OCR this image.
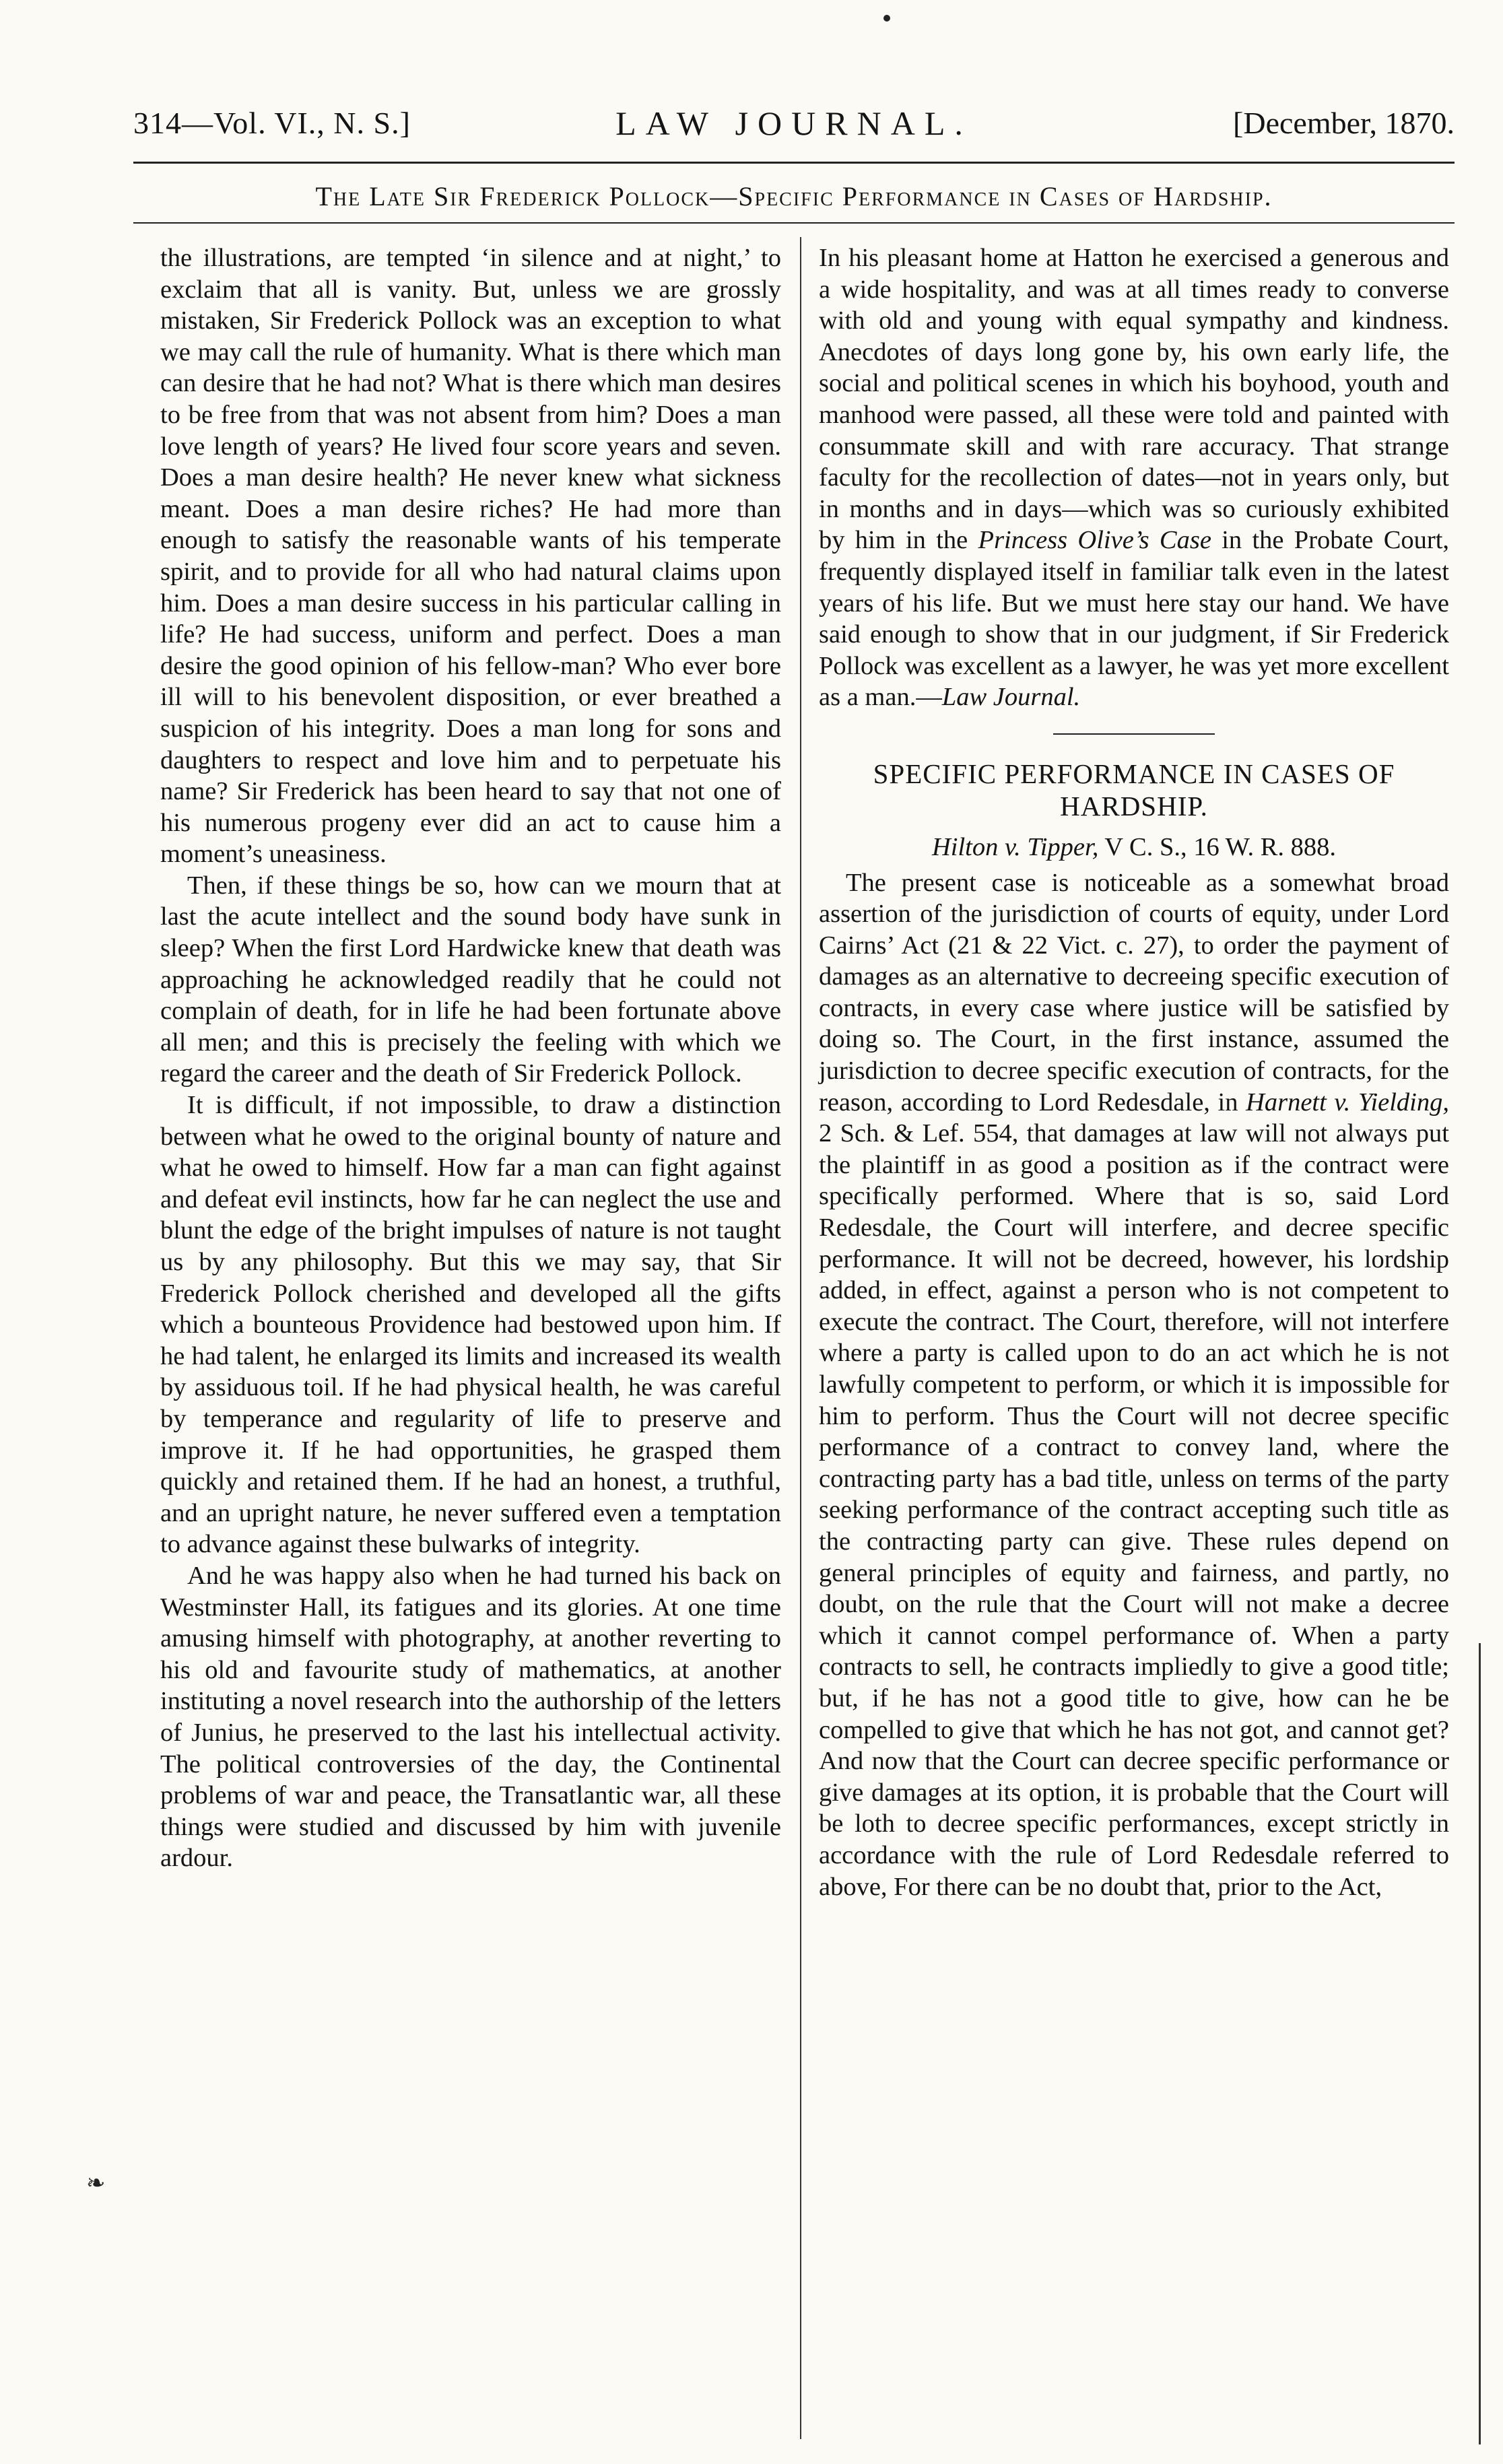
314—Vol. VI., N. S.]	LAW JOURNAL.	[December, 1870.
The Late Sir Frederick Pollock—Specific Performance in Cases of Hardship.
❧

the illustrations, are tempted ‘in silence and at night,’ to exclaim that all is vanity. But, unless we are grossly mistaken, Sir Frederick Pollock was an exception to what we may call the rule of humanity. What is there which man can desire that he had not? What is there which man desires to be free from that was not absent from him? Does a man love length of years? He lived four score years and seven. Does a man desire health? He never knew what sickness meant. Does a man desire riches? He had more than enough to satisfy the reasonable wants of his temperate spirit, and to provide for all who had natural claims upon him. Does a man desire success in his particular calling in life? He had success, uniform and perfect. Does a man desire the good opinion of his fellow-man? Who ever bore ill will to his benevolent disposition, or ever breathed a suspicion of his integrity. Does a man long for sons and daughters to respect and love him and to perpetuate his name? Sir Frederick has been heard to say that not one of his numerous progeny ever did an act to cause him a moment’s uneasiness.

Then, if these things be so, how can we mourn that at last the acute intellect and the sound body have sunk in sleep? When the first Lord Hardwicke knew that death was approaching he acknowledged readily that he could not complain of death, for in life he had been fortunate above all men; and this is precisely the feeling with which we regard the career and the death of Sir Frederick Pollock.

It is difficult, if not impossible, to draw a distinction between what he owed to the original bounty of nature and what he owed to himself. How far a man can fight against and defeat evil instincts, how far he can neglect the use and blunt the edge of the bright impulses of nature is not taught us by any philosophy. But this we may say, that Sir Frederick Pollock cherished and developed all the gifts which a bounteous Providence had bestowed upon him. If he had talent, he enlarged its limits and increased its wealth by assiduous toil. If he had physical health, he was careful by temperance and regularity of life to preserve and improve it. If he had opportunities, he grasped them quickly and retained them. If he had an honest, a truthful, and an upright nature, he never suffered even a temptation to advance against these bulwarks of integrity.

And he was happy also when he had turned his back on Westminster Hall, its fatigues and its glories. At one time amusing himself with photography, at another reverting to his old and favourite study of mathematics, at another instituting a novel research into the authorship of the letters of Junius, he preserved to the last his intellectual activity. The political controversies of the day, the Continental problems of war and peace, the Transatlantic war, all these things were studied and discussed by him with juvenile ardour.

In his pleasant home at Hatton he exercised a generous and a wide hospitality, and was at all times ready to converse with old and young with equal sympathy and kindness. Anecdotes of days long gone by, his own early life, the social and political scenes in which his boyhood, youth and manhood were passed, all these were told and painted with consummate skill and with rare accuracy. That strange faculty for the recollection of dates—not in years only, but in months and in days—which was so curiously exhibited by him in the Princess Olive’s Case in the Probate Court, frequently displayed itself in familiar talk even in the latest years of his life. But we must here stay our hand. We have said enough to show that in our judgment, if Sir Frederick Pollock was excellent as a lawyer, he was yet more excellent as a man.—Law Journal.

SPECIFIC PERFORMANCE IN CASES OF HARDSHIP.
Hilton v. Tipper, V C. S., 16 W. R. 888.

The present case is noticeable as a somewhat broad assertion of the jurisdiction of courts of equity, under Lord Cairns’ Act (21 & 22 Vict. c. 27), to order the payment of damages as an alternative to decreeing specific execution of contracts, in every case where justice will be satisfied by doing so. The Court, in the first instance, assumed the jurisdiction to decree specific execution of contracts, for the reason, according to Lord Redesdale, in Harnett v. Yielding, 2 Sch. & Lef. 554, that damages at law will not always put the plaintiff in as good a position as if the contract were specifically performed. Where that is so, said Lord Redesdale, the Court will interfere, and decree specific performance. It will not be decreed, however, his lordship added, in effect, against a person who is not competent to execute the contract. The Court, therefore, will not interfere where a party is called upon to do an act which he is not lawfully competent to perform, or which it is impossible for him to perform. Thus the Court will not decree specific performance of a contract to convey land, where the contracting party has a bad title, unless on terms of the party seeking performance of the contract accepting such title as the contracting party can give. These rules depend on general principles of equity and fairness, and partly, no doubt, on the rule that the Court will not make a decree which it cannot compel performance of. When a party contracts to sell, he contracts impliedly to give a good title; but, if he has not a good title to give, how can he be compelled to give that which he has not got, and cannot get? And now that the Court can decree specific performance or give damages at its option, it is probable that the Court will be loth to decree specific performances, except strictly in accordance with the rule of Lord Redesdale referred to above, For there can be no doubt that, prior to the Act,
